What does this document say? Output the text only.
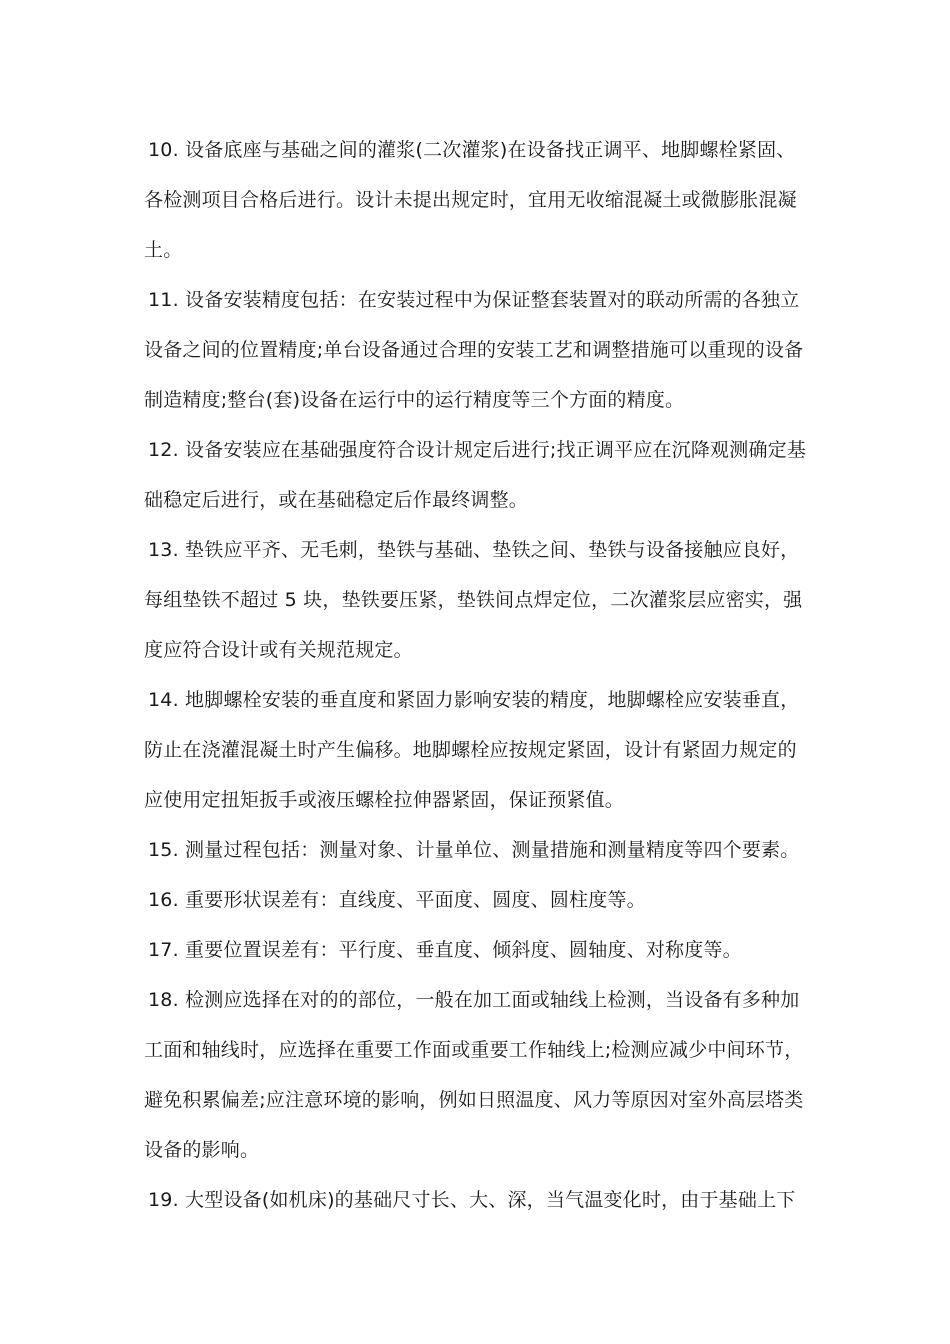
10. 设备底座与基础之间的灌浆(二次灌浆)在设备找正调平、地脚螺栓紧固、
各检测项目合格后进行。设计未提出规定时，宜用无收缩混凝土或微膨胀混凝
土。
11. 设备安装精度包括：在安装过程中为保证整套装置对的联动所需的各独立
设备之间的位置精度;单台设备通过合理的安装工艺和调整措施可以重现的设备
制造精度;整台(套)设备在运行中的运行精度等三个方面的精度。
12. 设备安装应在基础强度符合设计规定后进行;找正调平应在沉降观测确定基
础稳定后进行，或在基础稳定后作最终调整。
13. 垫铁应平齐、无毛刺，垫铁与基础、垫铁之间、垫铁与设备接触应良好，
每组垫铁不超过 5 块，垫铁要压紧，垫铁间点焊定位，二次灌浆层应密实，强
度应符合设计或有关规范规定。
14. 地脚螺栓安装的垂直度和紧固力影响安装的精度，地脚螺栓应安装垂直，
防止在浇灌混凝土时产生偏移。地脚螺栓应按规定紧固，设计有紧固力规定的
应使用定扭矩扳手或液压螺栓拉伸器紧固，保证预紧值。
15. 测量过程包括：测量对象、计量单位、测量措施和测量精度等四个要素。
16. 重要形状误差有：直线度、平面度、圆度、圆柱度等。
17. 重要位置误差有：平行度、垂直度、倾斜度、圆轴度、对称度等。
18. 检测应选择在对的的部位，一般在加工面或轴线上检测，当设备有多种加
工面和轴线时，应选择在重要工作面或重要工作轴线上;检测应减少中间环节，
避免积累偏差;应注意环境的影响，例如日照温度、风力等原因对室外高层塔类
设备的影响。
19. 大型设备(如机床)的基础尺寸长、大、深，当气温变化时，由于基础上下
